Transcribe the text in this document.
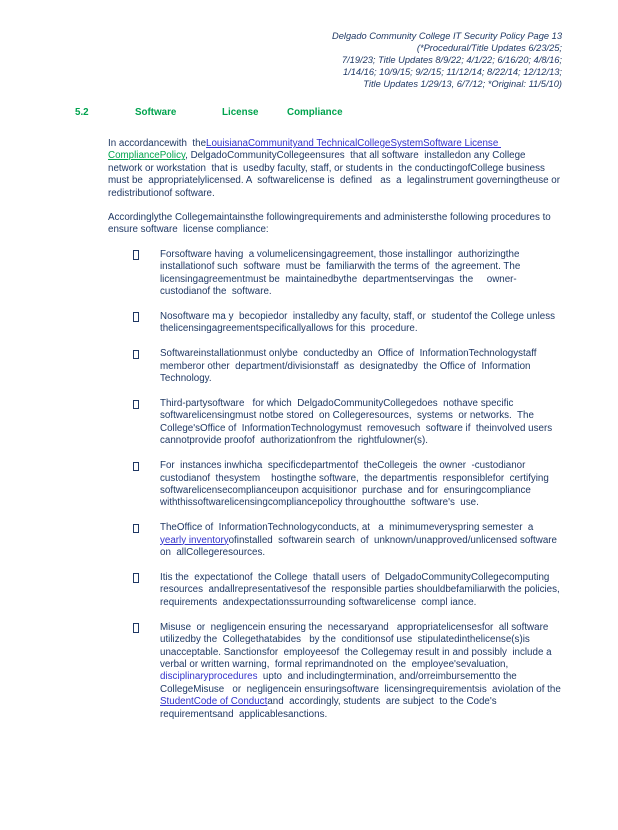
Delgado Community College IT Security Policy Page 13
(*Procedural/Title Updates 6/23/25;
7/19/23; Title Updates 8/9/22; 4/1/22; 6/16/20; 4/8/16;
1/14/16; 10/9/15; 9/2/15; 11/12/14; 8/22/14; 12/12/13;
Title Updates 1/29/13, 6/7/12; *Original: 11/5/10)
5.2	Software	License	Compliance
In accordancewith  theLouisianaCommunityand TechnicalCollegeSystemSoftware License CompliancePolicy, DelgadoCommunityCollegeensures  that all software  installedon any College network or workstation  that is  usedby faculty, staff, or students in  the conductingofCollege business must be  appropriatelylicensed. A  softwarelicense is  defined   as  a  legalinstrument governingtheuse or  redistributionof software.
Accordinglythe Collegemaintainsthe followingrequirements and administersthe following procedures to ensure software  license compliance:
Forsoftware having  a volumelicensingagreement, those installingor  authorizingthe installationof such  software  must be  familiarwith the terms of  the agreement. The licensingagreementmust be  maintainedbythe  departmentservingas  the     owner-custodianof the  software.
Nosoftware ma y  becopiedor  installedby any faculty, staff, or  studentof the College unless  thelicensingagreementspecificallyallows for this  procedure.
Softwareinstallationmust onlybe  conductedby an  Office of  InformationTechnologystaff memberor other  department/divisionstaff  as  designatedby  the Office of  Information Technology.
Third-partysoftware   for which  DelgadoCommunityCollegedoes  nothave specific softwarelicensingmust notbe stored  on Collegeresources,  systems  or networks.  The College'sOffice of  InformationTechnologymust  removesuch  software if  theinvolved users  cannotprovide proofof  authorizationfrom the  rightfulowner(s).
For  instances inwhicha  specificdepartmentof  theCollegeis  the owner  -custodianor custodianof  thesystem    hostingthe software,  the departmentis  responsiblefor  certifying softwarelicensecomplianceupon acquisitionor  purchase  and for  ensuringcompliance withthissoftwarelicensingcompliancepolicy throughoutthe  software's  use.
TheOffice of  InformationTechnologyconducts, at   a  minimumeveryspring semester  a yearly inventoryofinstalled  softwarein search  of  unknown/unapproved/unlicensed software  on  allCollegeresources.
Itis the  expectationof  the College  thatall users  of  DelgadoCommunityCollegecomputing resources  andallrepresentativesof the  responsible parties shouldbefamiliarwith the policies, requirements  andexpectationssurrounding softwarelicense  compl iance.
Misuse  or  negligencein ensuring the  necessaryand   appropriatelicensesfor  all software utilizedby the  Collegethatabides   by the  conditionsof use  stipulatedinthelicense(s)is unacceptable. Sanctionsfor  employeesof  the Collegemay result in and possibly  include a verbal or written warning,  formal reprimandnoted on  the  employee'sevaluation, disciplinaryprocedures  upto  and includingtermination, and/orreimbursementto the CollegeMisuse   or  negligencein ensuringsoftware  licensingrequirementsis  aviolation of the StudentCode of Conductand  accordingly, students  are subject  to the Code's requirementsand  applicablesanctions.
